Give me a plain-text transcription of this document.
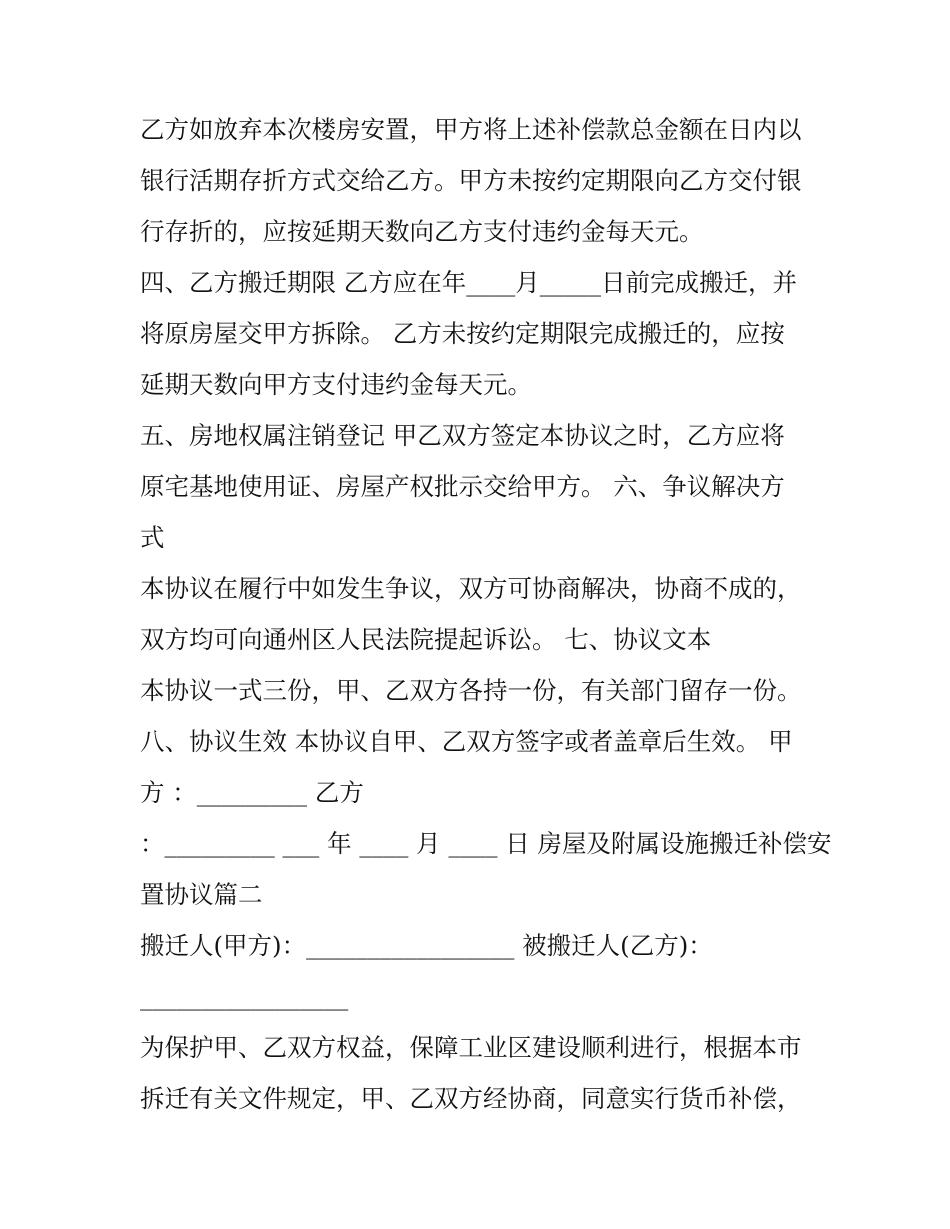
乙方如放弃本次楼房安置，甲方将上述补偿款总金额在日内以

银行活期存折方式交给乙方。甲方未按约定期限向乙方交付银

行存折的，应按延期天数向乙方支付违约金每天元。

四、乙方搬迁期限 乙方应在年____月_____日前完成搬迁，并

将原房屋交甲方拆除。 乙方未按约定期限完成搬迁的，应按

延期天数向甲方支付违约金每天元。

五、房地权属注销登记 甲乙双方签定本协议之时，乙方应将

原宅基地使用证、房屋产权批示交给甲方。 六、争议解决方

式

本协议在履行中如发生争议，双方可协商解决，协商不成的，

双方均可向通州区人民法院提起诉讼。 七、协议文本

本协议一式三份，甲、乙双方各持一份，有关部门留存一份。

八、协议生效 本协议自甲、乙双方签字或者盖章后生效。 甲

方 ：_________ 乙方

：_________ ___ 年 ____ 月 ____ 日 房屋及附属设施搬迁补偿安

置协议篇二

搬迁人(甲方)：_________________ 被搬迁人(乙方)：

_________________

为保护甲、乙双方权益，保障工业区建设顺利进行，根据本市

拆迁有关文件规定，甲、乙双方经协商，同意实行货币补偿，
